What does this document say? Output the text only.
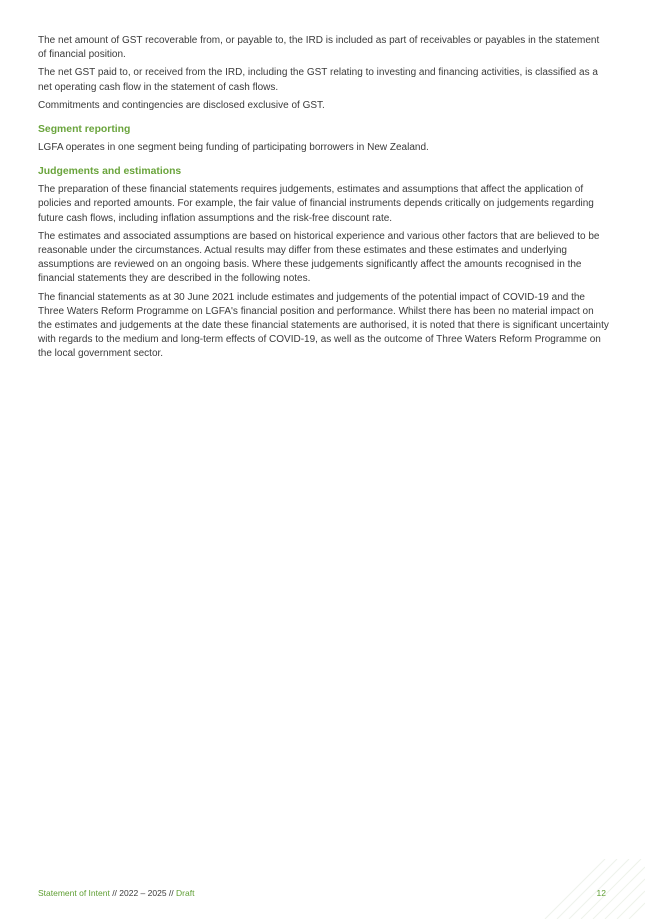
The net amount of GST recoverable from, or payable to, the IRD is included as part of receivables or payables in the statement of financial position.

The net GST paid to, or received from the IRD, including the GST relating to investing and financing activities, is classified as a net operating cash flow in the statement of cash flows.

Commitments and contingencies are disclosed exclusive of GST.

Segment reporting

LGFA operates in one segment being funding of participating borrowers in New Zealand.

Judgements and estimations

The preparation of these financial statements requires judgements, estimates and assumptions that affect the application of policies and reported amounts. For example, the fair value of financial instruments depends critically on judgements regarding future cash flows, including inflation assumptions and the risk-free discount rate.

The estimates and associated assumptions are based on historical experience and various other factors that are believed to be reasonable under the circumstances. Actual results may differ from these estimates and these estimates and underlying assumptions are reviewed on an ongoing basis. Where these judgements significantly affect the amounts recognised in the financial statements they are described in the following notes.

The financial statements as at 30 June 2021 include estimates and judgements of the potential impact of COVID-19 and the Three Waters Reform Programme on LGFA's financial position and performance. Whilst there has been no material impact on the estimates and judgements at the date these financial statements are authorised, it is noted that there is significant uncertainty with regards to the medium and long-term effects of COVID-19, as well as the outcome of Three Waters Reform Programme on the local government sector.

Statement of Intent // 2022 – 2025 // Draft	12
